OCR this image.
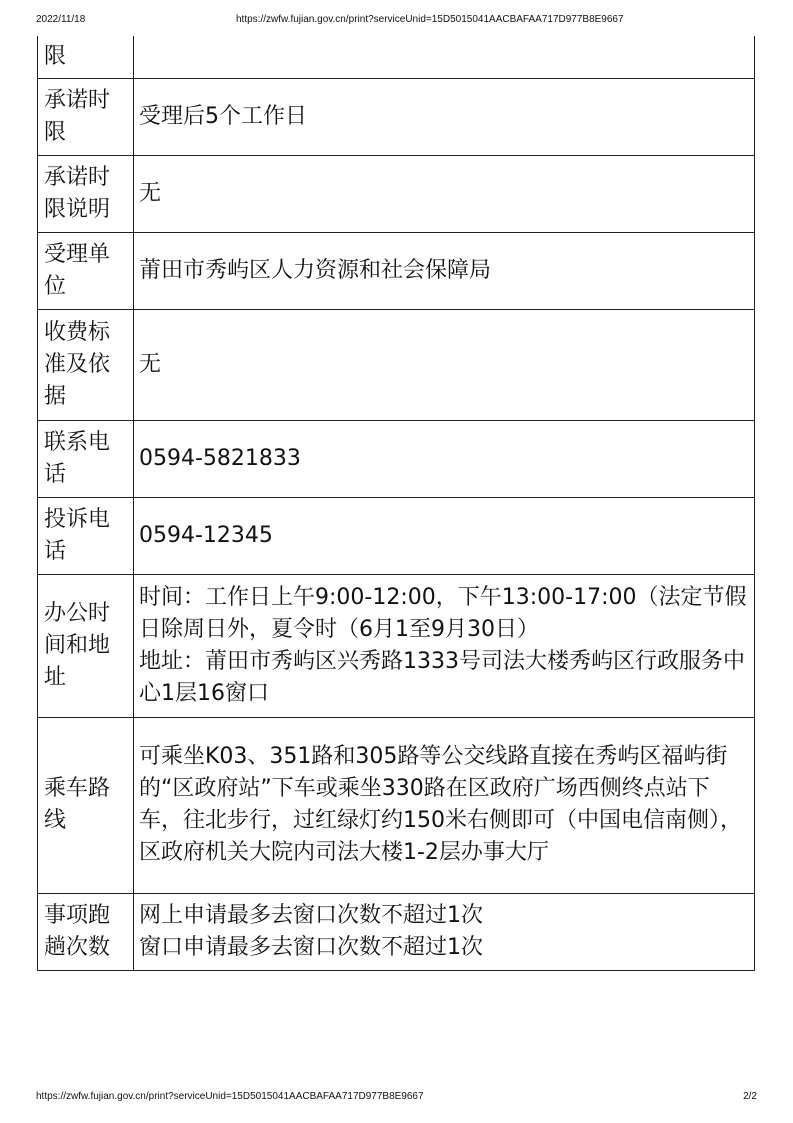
2022/11/18	https://zwfw.fujian.gov.cn/print?serviceUnid=15D5015041AACBAFAA717D977B8E9667
限	
承诺时限	受理后5个工作日
承诺时限说明	无
受理单位	莆田市秀屿区人力资源和社会保障局
收费标准及依据	无
联系电话	0594-5821833
投诉电话	0594-12345
办公时间和地址	时间：工作日上午9:00-12:00，下午13:00-17:00（法定节假日除周日外，夏令时（6月1至9月30日）
地址：莆田市秀屿区兴秀路1333号司法大楼秀屿区行政服务中心1层16窗口

乘车路线	可乘坐K03、351路和305路等公交线路直接在秀屿区福屿街的“区政府站”下车或乘坐330路在区政府广场西侧终点站下车，往北步行，过红绿灯约150米右侧即可（中国电信南侧），区政府机关大院内司法大楼1-2层办事大厅
事项跑趟次数	网上申请最多去窗口次数不超过1次
窗口申请最多去窗口次数不超过1次
https://zwfw.fujian.gov.cn/print?serviceUnid=15D5015041AACBAFAA717D977B8E9667	2/2
